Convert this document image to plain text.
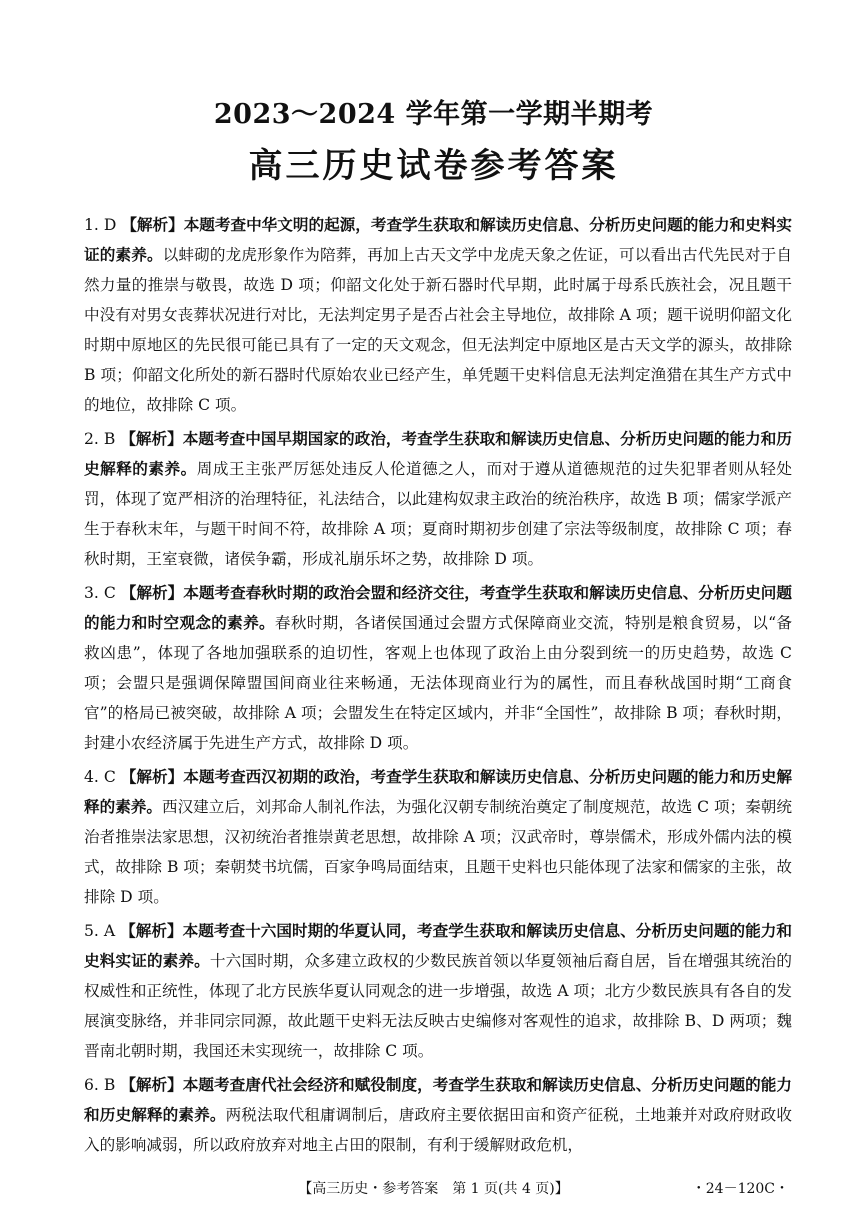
2023～2024 学年第一学期半期考
高三历史试卷参考答案

1. D 【解析】本题考查中华文明的起源，考查学生获取和解读历史信息、分析历史问题的能力和史料实证的素养。以蚌砌的龙虎形象作为陪葬，再加上古天文学中龙虎天象之佐证，可以看出古代先民对于自然力量的推崇与敬畏，故选 D 项；仰韶文化处于新石器时代早期，此时属于母系氏族社会，况且题干中没有对男女丧葬状况进行对比，无法判定男子是否占社会主导地位，故排除 A 项；题干说明仰韶文化时期中原地区的先民很可能已具有了一定的天文观念，但无法判定中原地区是古天文学的源头，故排除 B 项；仰韶文化所处的新石器时代原始农业已经产生，单凭题干史料信息无法判定渔猎在其生产方式中的地位，故排除 C 项。

2. B 【解析】本题考查中国早期国家的政治，考查学生获取和解读历史信息、分析历史问题的能力和历史解释的素养。周成王主张严厉惩处违反人伦道德之人，而对于遵从道德规范的过失犯罪者则从轻处罚，体现了宽严相济的治理特征，礼法结合，以此建构奴隶主政治的统治秩序，故选 B 项；儒家学派产生于春秋末年，与题干时间不符，故排除 A 项；夏商时期初步创建了宗法等级制度，故排除 C 项；春秋时期，王室衰微，诸侯争霸，形成礼崩乐坏之势，故排除 D 项。

3. C 【解析】本题考查春秋时期的政治会盟和经济交往，考查学生获取和解读历史信息、分析历史问题的能力和时空观念的素养。春秋时期，各诸侯国通过会盟方式保障商业交流，特别是粮食贸易，以“备救凶患”，体现了各地加强联系的迫切性，客观上也体现了政治上由分裂到统一的历史趋势，故选 C 项；会盟只是强调保障盟国间商业往来畅通，无法体现商业行为的属性，而且春秋战国时期“工商食官”的格局已被突破，故排除 A 项；会盟发生在特定区域内，并非“全国性”，故排除 B 项；春秋时期，封建小农经济属于先进生产方式，故排除 D 项。

4. C 【解析】本题考查西汉初期的政治，考查学生获取和解读历史信息、分析历史问题的能力和历史解释的素养。西汉建立后，刘邦命人制礼作法，为强化汉朝专制统治奠定了制度规范，故选 C 项；秦朝统治者推崇法家思想，汉初统治者推崇黄老思想，故排除 A 项；汉武帝时，尊崇儒术，形成外儒内法的模式，故排除 B 项；秦朝焚书坑儒，百家争鸣局面结束，且题干史料也只能体现了法家和儒家的主张，故排除 D 项。

5. A 【解析】本题考查十六国时期的华夏认同，考查学生获取和解读历史信息、分析历史问题的能力和史料实证的素养。十六国时期，众多建立政权的少数民族首领以华夏领袖后裔自居，旨在增强其统治的权威性和正统性，体现了北方民族华夏认同观念的进一步增强，故选 A 项；北方少数民族具有各自的发展演变脉络，并非同宗同源，故此题干史料无法反映古史编修对客观性的追求，故排除 B、D 两项；魏晋南北朝时期，我国还未实现统一，故排除 C 项。

6. B 【解析】本题考查唐代社会经济和赋役制度，考查学生获取和解读历史信息、分析历史问题的能力和历史解释的素养。两税法取代租庸调制后，唐政府主要依据田亩和资产征税，土地兼并对政府财政收入的影响减弱，所以政府放弃对地主占田的限制，有利于缓解财政危机，

【高三历史・参考答案　第 1 页(共 4 页)】	・24－120C・
